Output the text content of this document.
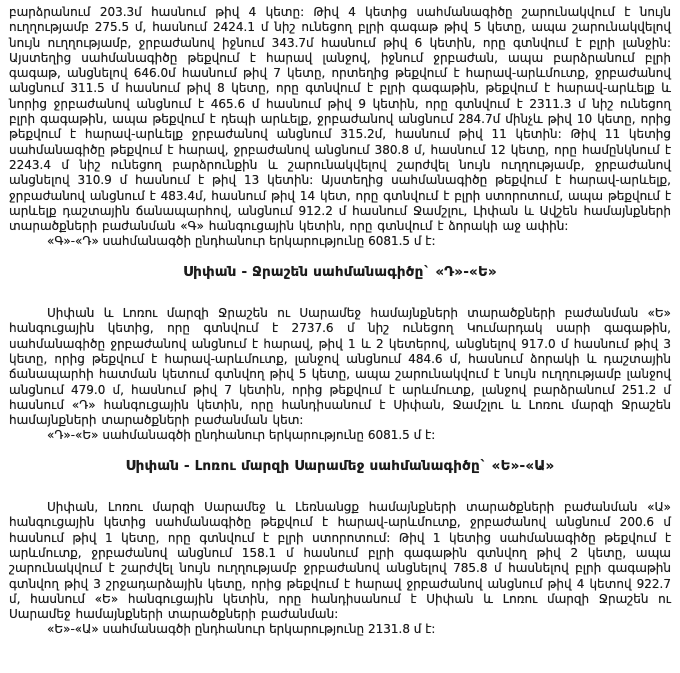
բարձրանում 203.3մ հասնում թիվ 4 կետը: Թիվ 4 կետից սահմանագիծը շարունակվում է նույն ուղղությամբ 275.5 մ, հասնում 2424.1 մ նիշ ունեցող բլրի գագաթ թիվ 5 կետը, ապա շարունակվելով նույն ուղղությամբ, ջրբաժանով իջնում 343.7մ հասնում թիվ 6 կետին, որը գտնվում է բլրի լանջին: Այստեղից սահմանագիծը թեքվում է հարավ լանջով, իջնում ջրբաժան, ապա բարձրանում բլրի գագաթ, անցնելով 646.0մ հասնում թիվ 7 կետը, որտեղից թեքվում է հարավ-արևմուտք, ջրբաժանով անցնում 311.5 մ հասնում թիվ 8 կետը, որը գտնվում է բլրի գագաթին, թեքվում է հարավ-արևելք և նորից ջրբաժանով անցնում է 465.6 մ հասնում թիվ 9 կետին, որը գտնվում է 2311.3 մ նիշ ունեցող բլրի գագաթին, ապա թեքվում է դեպի արևելք, ջրբաժանով անցնում 284.7մ մինչև թիվ 10 կետը, որից թեքվում է հարավ-արևելք ջրբաժանով անցնում 315.2մ, հասնում թիվ 11 կետին: Թիվ 11 կետից սահմանագիծը թեքվում է հարավ, ջրբաժանով անցնում 380.8 մ, հասնում 12 կետը, որը համընկնում է 2243.4 մ նիշ ունեցող բարձրունքին և շարունակվելով շարժվել նույն ուղղությամբ, ջրբաժանով անցնելով 310.9 մ հասնում է թիվ 13 կետին: Այստեղից սահմանագիծը թեքվում է հարավ-արևելք, ջրբաժանով անցնում է 483.4մ, հասնում թիվ 14 կետ, որը գտնվում է բլրի ստորոտում, ապա թեքվում է արևելք դաշտային ճանապարհով, անցնում 912.2 մ հասնում Ջամշլու, Լիփան և Ավշեն համայնքների տարածքների բաժանման «Գ» հանգուցային կետին, որը գտնվում է ձորակի աջ ափին:

«Գ»-«Դ» սահմանագծի ընդհանուր երկարությունը 6081.5 մ է:

Սիփան - Ջրաշեն սահմանագիծը` «Դ»-«Ե»

Սիփան և Լոռու մարզի Ջրաշեն ու Սարամեջ համայնքների տարածքների բաժանման «Ե» հանգուցային կետից, որը գտնվում է 2737.6 մ նիշ ունեցող Կումարդակ սարի գագաթին, սահմանագիծը ջրբաժանով անցնում է հարավ, թիվ 1 և 2 կետերով, անցնելով 917.0 մ հասնում թիվ 3 կետը, որից թեքվում է հարավ-արևմուտք, լանջով անցնում 484.6 մ, հասնում ձորակի և դաշտային ճանապարհի հատման կետում գտնվող թիվ 5 կետը, ապա շարունակվում է նույն ուղղությամբ լանջով անցնում 479.0 մ, հասնում թիվ 7 կետին, որից թեքվում է արևմուտք, լանջով բարձրանում 251.2 մ հասնում «Դ» հանգուցային կետին, որը հանդիսանում է Սիփան, Ջամշլու և Լոռու մարզի Ջրաշեն համայնքների տարածքների բաժանման կետ:

«Դ»-«Ե» սահմանագծի ընդհանուր երկարությունը 6081.5 մ է:

Սիփան - Լոռու մարզի Սարամեջ սահմանագիծը` «Ե»-«Ա»

Սիփան, Լոռու մարզի Սարամեջ և Լեռնանցք համայնքների տարածքների բաժանման «Ա» հանգուցային կետից սահմանագիծը թեքվում է հարավ-արևմուտք, ջրբաժանով անցնում 200.6 մ հասնում թիվ 1 կետը, որը գտնվում է բլրի ստորոտում: Թիվ 1 կետից սահմանագիծը թեքվում է արևմուտք, ջրբաժանով անցնում 158.1 մ հասնում բլրի գագաթին գտնվող թիվ 2 կետը, ապա շարունակվում է շարժվել նույն ուղղությամբ ջրբաժանով անցնելով 785.8 մ հասնելով բլրի գագաթին գտնվող թիվ 3 շրջադարձային կետը, որից թեքվում է հարավ ջրբաժանով անցնում թիվ 4 կետով 922.7 մ, հասնում «Ե» հանգուցային կետին, որը հանդիսանում է Սիփան և Լոռու մարզի Ջրաշեն ու Սարամեջ համայնքների տարածքների բաժանման:

«Ե»-«Ա» սահմանագծի ընդհանուր երկարությունը 2131.8 մ է:
